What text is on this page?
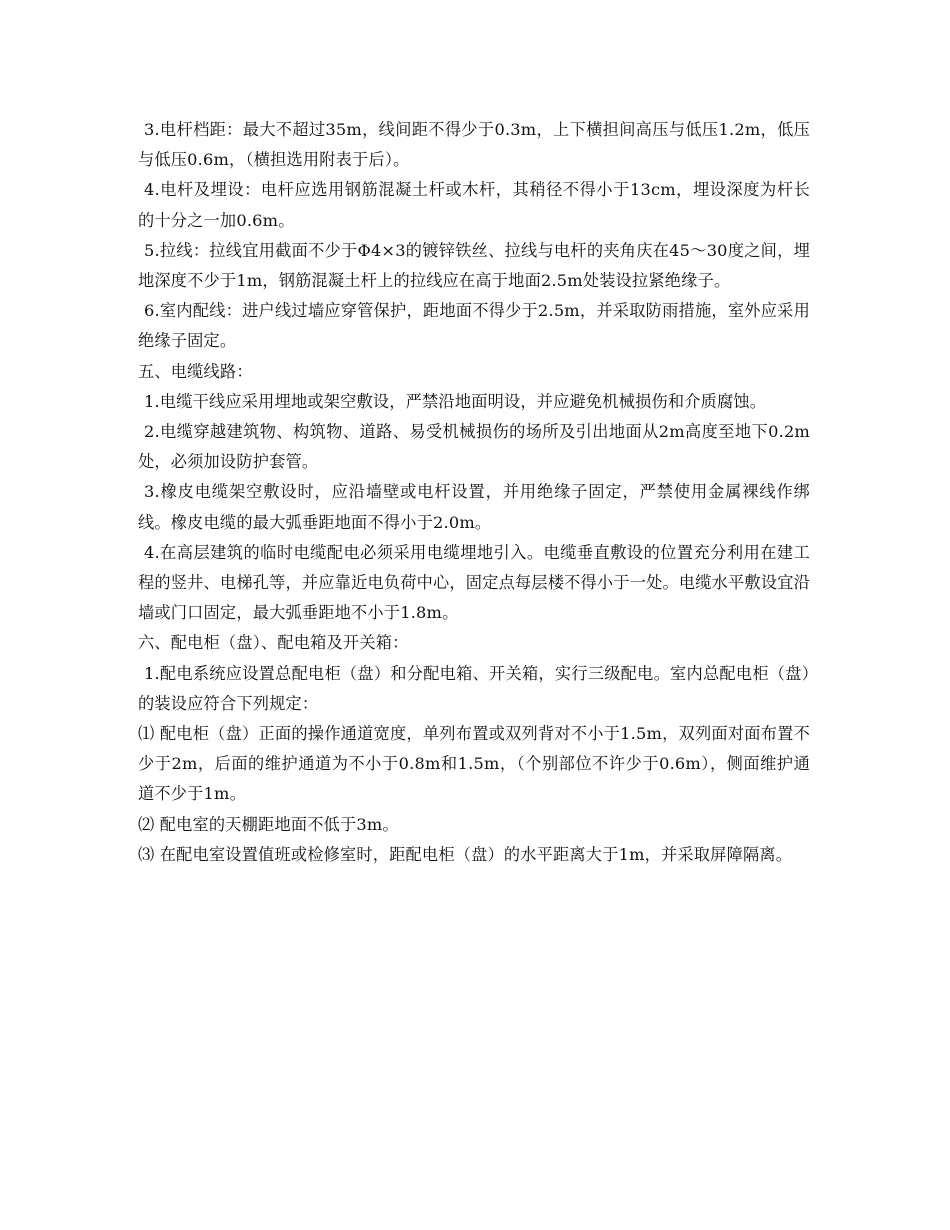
3.电杆档距：最大不超过35m，线间距不得少于0.3m，上下横担间高压与低压1.2m，低压与低压0.6m，（横担选用附表于后）。

4.电杆及埋设：电杆应选用钢筋混凝土杆或木杆，其稍径不得小于13cm，埋设深度为杆长的十分之一加0.6m。

5.拉线：拉线宜用截面不少于Φ4×3的镀锌铁丝、拉线与电杆的夹角庆在45～30度之间，埋地深度不少于1m，钢筋混凝土杆上的拉线应在高于地面2.5m处装设拉紧绝缘子。

6.室内配线：进户线过墙应穿管保护，距地面不得少于2.5m，并采取防雨措施，室外应采用绝缘子固定。

五、电缆线路：

1.电缆干线应采用埋地或架空敷设，严禁沿地面明设，并应避免机械损伤和介质腐蚀。

2.电缆穿越建筑物、构筑物、道路、易受机械损伤的场所及引出地面从2m高度至地下0.2m处，必须加设防护套管。

3.橡皮电缆架空敷设时，应沿墙壁或电杆设置，并用绝缘子固定，严禁使用金属裸线作绑线。橡皮电缆的最大弧垂距地面不得小于2.0m。

4.在高层建筑的临时电缆配电必须采用电缆埋地引入。电缆垂直敷设的位置充分利用在建工程的竖井、电梯孔等，并应靠近电负荷中心，固定点每层楼不得小于一处。电缆水平敷设宜沿墙或门口固定，最大弧垂距地不小于1.8m。

六、配电柜（盘）、配电箱及开关箱：

1.配电系统应设置总配电柜（盘）和分配电箱、开关箱，实行三级配电。室内总配电柜（盘）的装设应符合下列规定：

⑴ 配电柜（盘）正面的操作通道宽度，单列布置或双列背对不小于1.5m，双列面对面布置不少于2m，后面的维护通道为不小于0.8m和1.5m，（个别部位不许少于0.6m），侧面维护通道不少于1m。

⑵ 配电室的天棚距地面不低于3m。

⑶ 在配电室设置值班或检修室时，距配电柜（盘）的水平距离大于1m，并采取屏障隔离。
